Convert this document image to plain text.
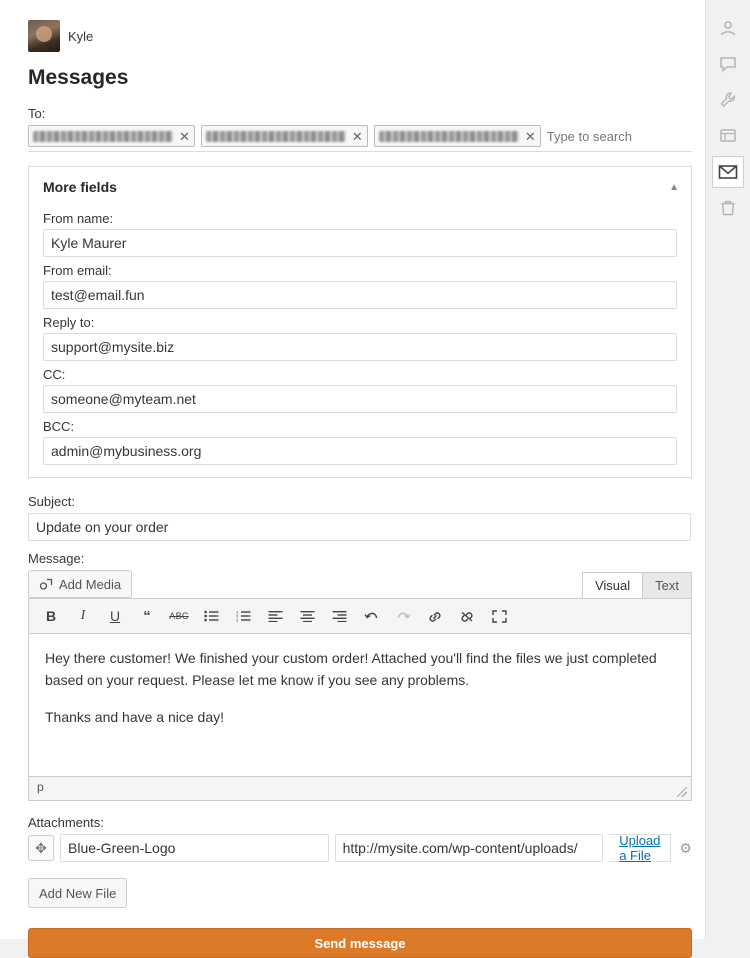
Kyle
Messages
To:
✕	✕	✕
Type to search
More fields	▲
From name:
Kyle Maurer
From email:
test@email.fun
Reply to:
support@mysite.biz
CC:
someone@myteam.net
BCC:
admin@mybusiness.org
Subject:
Update on your order
Message:
Add Media	Visual	Text
B	I	U	“	ABC	1
2
3

Hey there customer! We finished your custom order! Attached you'll find the files we just completed based on your request. Please let me know if you see any problems.

Thanks and have a nice day!

p
Attachments:
✥
Blue-Green-Logo
http://mysite.com/wp-content/uploads/	Upload a File	⚙
Add New File
Send message
